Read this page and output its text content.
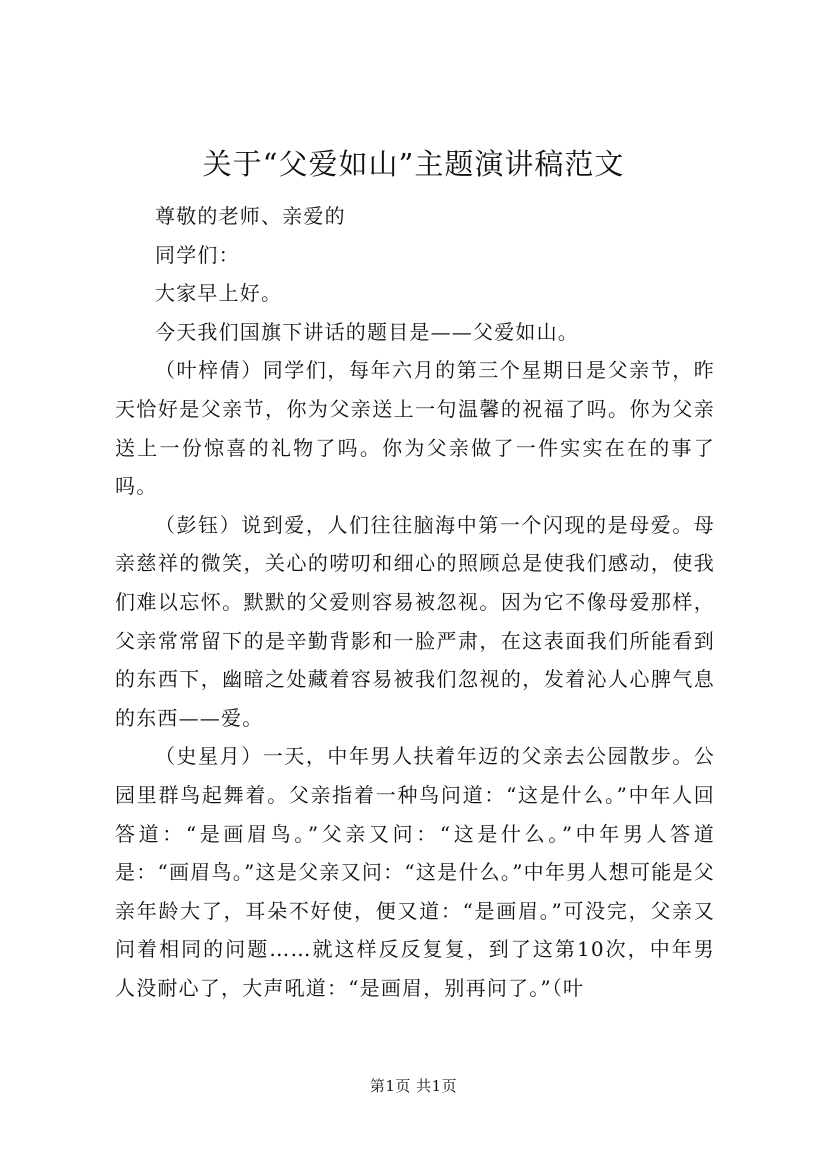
关于“父爱如山”主题演讲稿范文

尊敬的老师、亲爱的

同学们：

大家早上好。

今天我们国旗下讲话的题目是——父爱如山。

（叶梓倩）同学们，每年六月的第三个星期日是父亲节，昨天恰好是父亲节，你为父亲送上一句温馨的祝福了吗。你为父亲送上一份惊喜的礼物了吗。你为父亲做了一件实实在在的事了吗。

（彭钰）说到爱，人们往往脑海中第一个闪现的是母爱。母亲慈祥的微笑，关心的唠叨和细心的照顾总是使我们感动，使我们难以忘怀。默默的父爱则容易被忽视。因为它不像母爱那样，父亲常常留下的是辛勤背影和一脸严肃，在这表面我们所能看到的东西下，幽暗之处藏着容易被我们忽视的，发着沁人心脾气息的东西——爱。

（史星月）一天，中年男人扶着年迈的父亲去公园散步。公园里群鸟起舞着。父亲指着一种鸟问道：“这是什么。”中年人回答道：“是画眉鸟。”父亲又问：“这是什么。”中年男人答道是：“画眉鸟。”这是父亲又问：“这是什么。”中年男人想可能是父亲年龄大了，耳朵不好使，便又道：“是画眉。”可没完，父亲又问着相同的问题……就这样反反复复，到了这第10次，中年男人没耐心了，大声吼道：“是画眉，别再问了。”（叶

第1页 共1页
